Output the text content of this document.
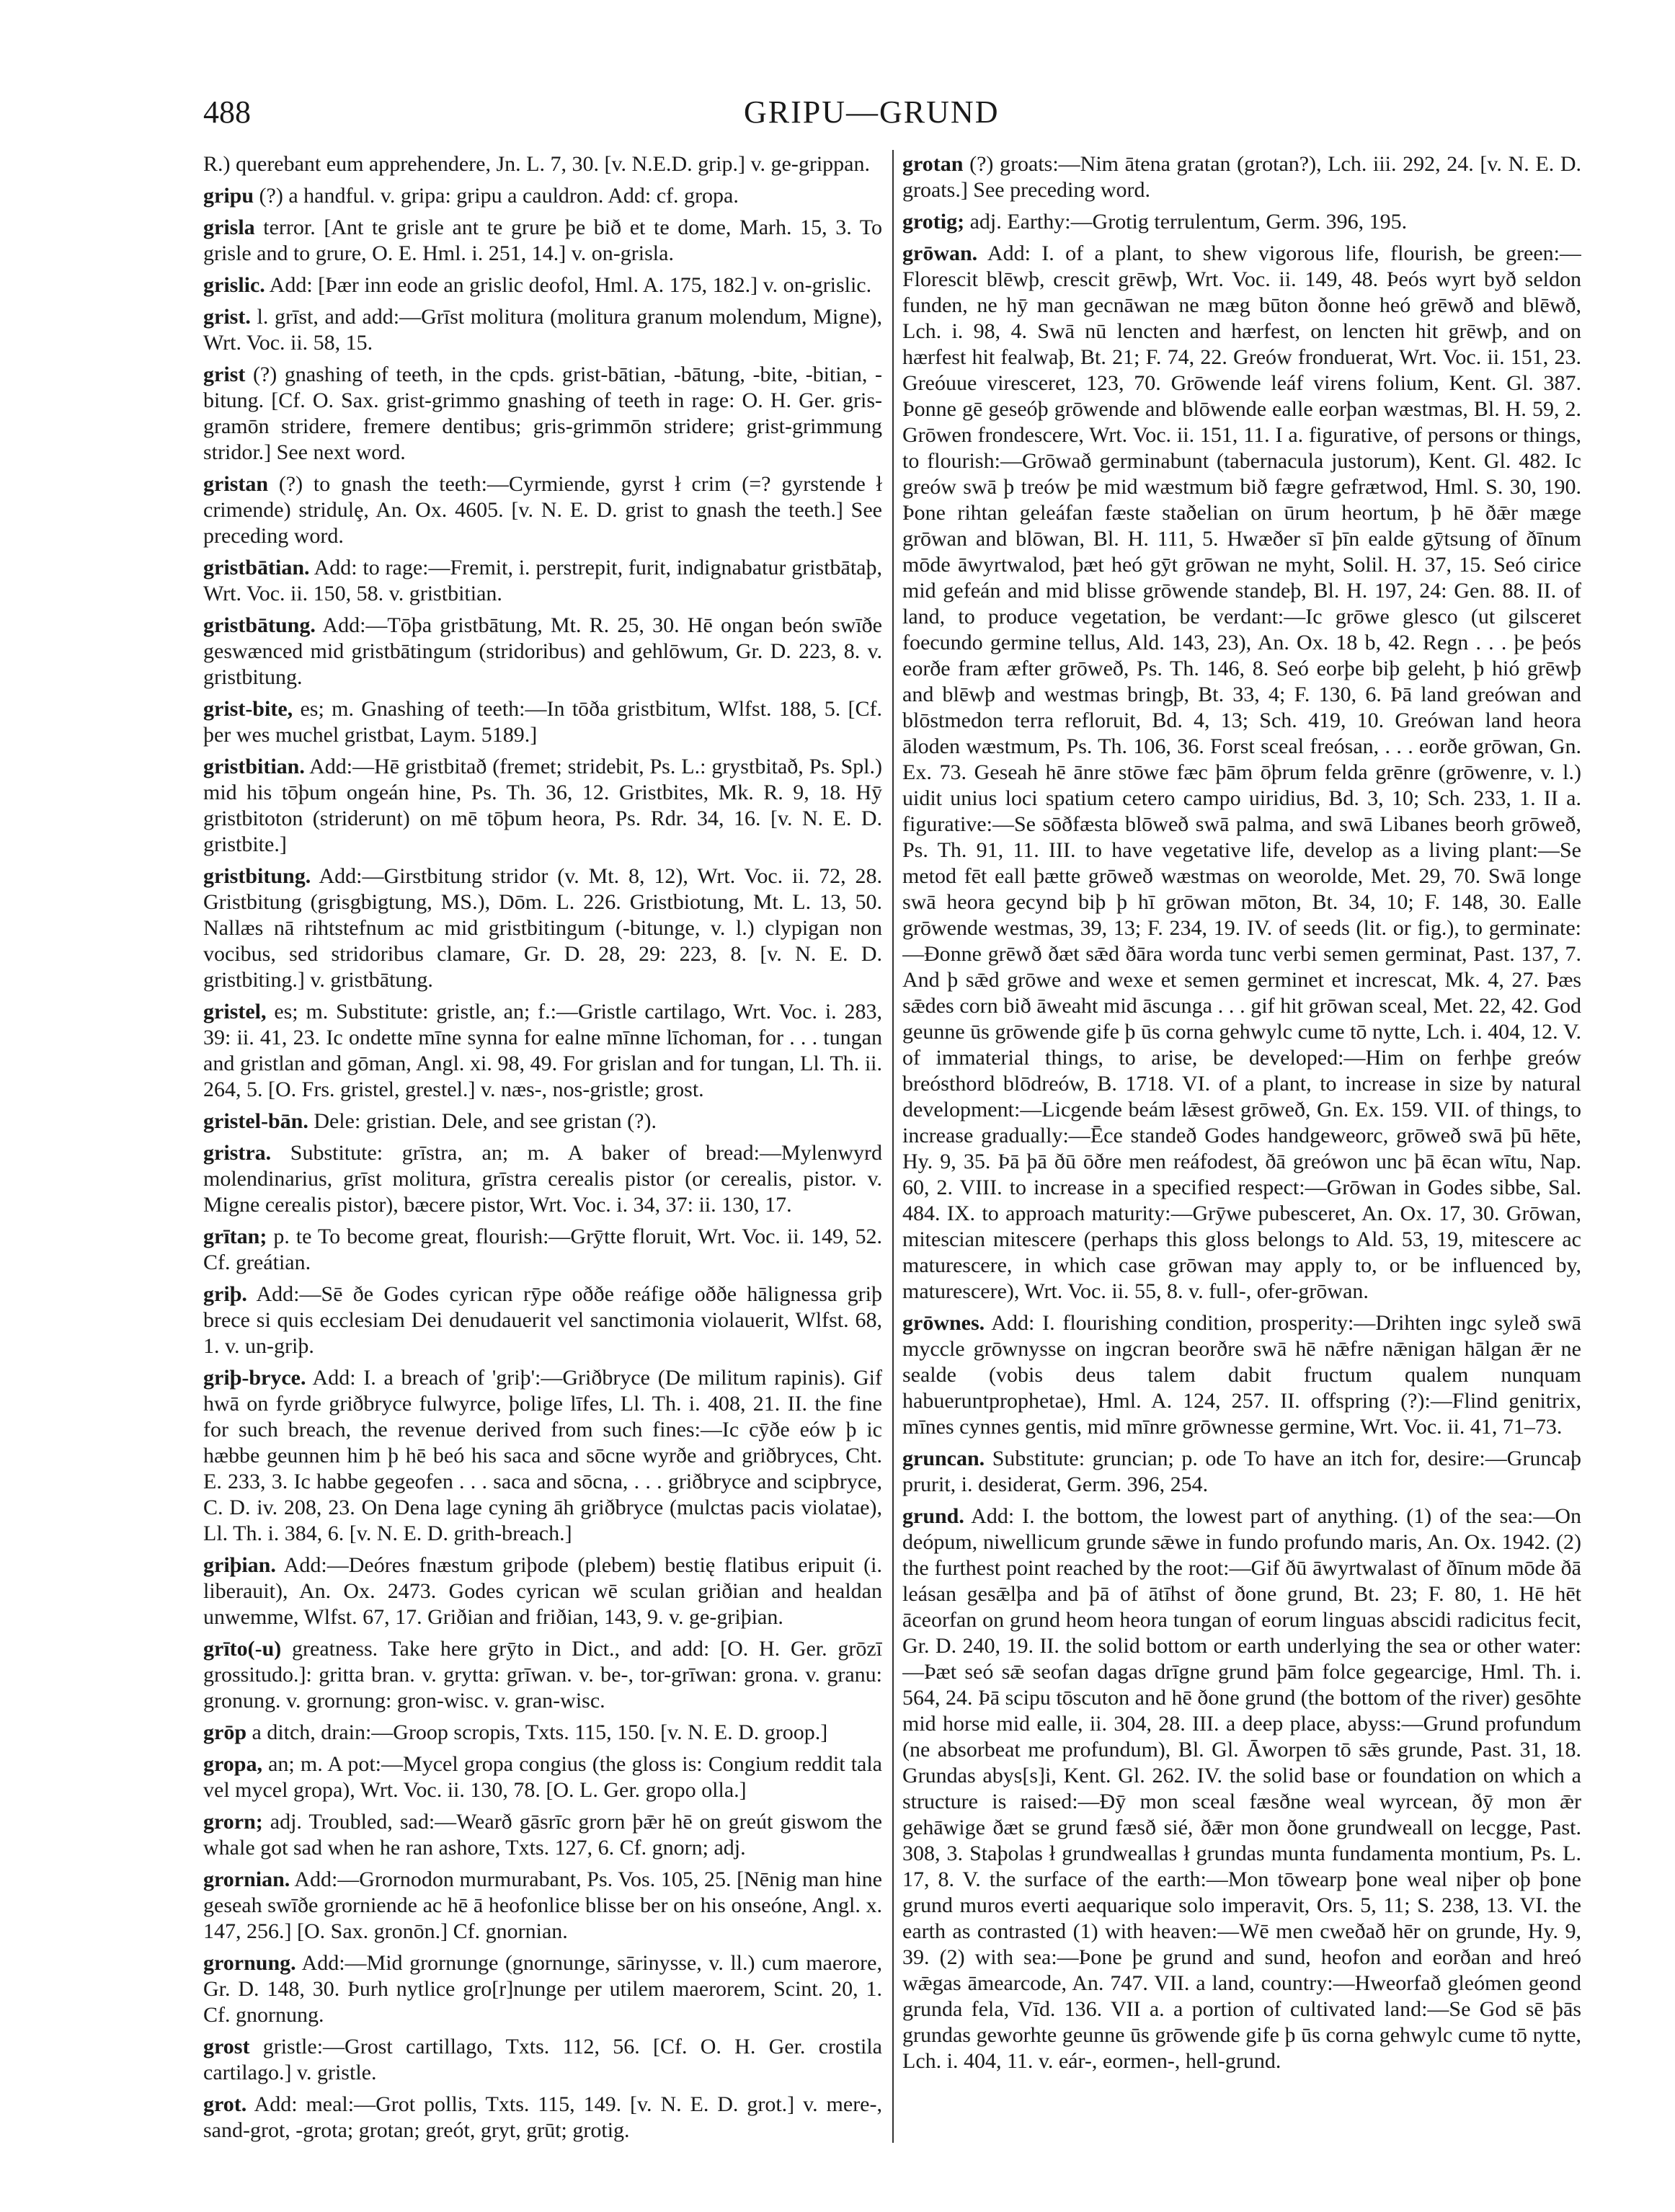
488	GRIPU—GRUND

R.) querebant eum apprehendere, Jn. L. 7, 30. [v. N.E.D. grip.] v. ge-grippan.

gripu (?) a handful. v. gripa: gripu a cauldron. Add: cf. gropa.

grisla terror. [Ant te grisle ant te grure þe bið et te dome, Marh. 15, 3. To grisle and to grure, O. E. Hml. i. 251, 14.] v. on-grisla.

grislic. Add: [Þær inn eode an grislic deofol, Hml. A. 175, 182.] v. on-grislic.

grist. l. grīst, and add:—Grīst molitura (molitura granum molendum, Migne), Wrt. Voc. ii. 58, 15.

grist (?) gnashing of teeth, in the cpds. grist-bātian, -bātung, -bite, -bitian, -bitung. [Cf. O. Sax. grist-grimmo gnashing of teeth in rage: O. H. Ger. gris-gramōn stridere, fremere dentibus; gris-grimmōn stridere; grist-grimmung stridor.] See next word.

gristan (?) to gnash the teeth:—Cyrmiende, gyrst ł crim (=? gyrstende ł crimende) stridulȩ, An. Ox. 4605. [v. N. E. D. grist to gnash the teeth.] See preceding word.

gristbātian. Add: to rage:—Fremit, i. perstrepit, furit, indignabatur gristbātaþ, Wrt. Voc. ii. 150, 58. v. gristbitian.

gristbātung. Add:—Tōþa gristbātung, Mt. R. 25, 30. Hē ongan beón swīðe geswænced mid gristbātingum (stridoribus) and gehlōwum, Gr. D. 223, 8. v. gristbitung.

grist-bite, es; m. Gnashing of teeth:—In tōða gristbitum, Wlfst. 188, 5. [Cf. þer wes muchel gristbat, Laym. 5189.]

gristbitian. Add:—Hē gristbitað (fremet; stridebit, Ps. L.: grystbitað, Ps. Spl.) mid his tōþum ongeán hine, Ps. Th. 36, 12. Gristbites, Mk. R. 9, 18. Hȳ gristbitoton (striderunt) on mē tōþum heora, Ps. Rdr. 34, 16. [v. N. E. D. gristbite.]

gristbitung. Add:—Girstbitung stridor (v. Mt. 8, 12), Wrt. Voc. ii. 72, 28. Gristbitung (grisgbigtung, MS.), Dōm. L. 226. Gristbiotung, Mt. L. 13, 50. Nallæs nā rihtstefnum ac mid gristbitingum (-bitunge, v. l.) clypigan non vocibus, sed stridoribus clamare, Gr. D. 28, 29: 223, 8. [v. N. E. D. gristbiting.] v. gristbātung.

gristel, es; m. Substitute: gristle, an; f.:—Gristle cartilago, Wrt. Voc. i. 283, 39: ii. 41, 23. Ic ondette mīne synna for ealne mīnne līchoman, for . . . tungan and gristlan and gōman, Angl. xi. 98, 49. For grislan and for tungan, Ll. Th. ii. 264, 5. [O. Frs. gristel, grestel.] v. næs-, nos-gristle; grost.

gristel-bān. Dele: gristian. Dele, and see gristan (?).

gristra. Substitute: grīstra, an; m. A baker of bread:—Mylenwyrd molendinarius, grīst molitura, grīstra cerealis pistor (or cerealis, pistor. v. Migne cerealis pistor), bæcere pistor, Wrt. Voc. i. 34, 37: ii. 130, 17.

grītan; p. te To become great, flourish:—Grȳtte floruit, Wrt. Voc. ii. 149, 52. Cf. greátian.

griþ. Add:—Sē ðe Godes cyrican rȳpe oððe reáfige oððe hālignessa griþ brece si quis ecclesiam Dei denudauerit vel sanctimonia violauerit, Wlfst. 68, 1. v. un-griþ.

griþ-bryce. Add: I. a breach of 'griþ':—Griðbryce (De militum rapinis). Gif hwā on fyrde griðbryce fulwyrce, þolige līfes, Ll. Th. i. 408, 21. II. the fine for such breach, the revenue derived from such fines:—Ic cȳðe eów þ ic hæbbe geunnen him þ hē beó his saca and sōcne wyrðe and griðbryces, Cht. E. 233, 3. Ic habbe gegeofen . . . saca and sōcna, . . . griðbryce and scipbryce, C. D. iv. 208, 23. On Dena lage cyning āh griðbryce (mulctas pacis violatae), Ll. Th. i. 384, 6. [v. N. E. D. grith-breach.]

griþian. Add:—Deóres fnæstum griþode (plebem) bestię flatibus eripuit (i. liberauit), An. Ox. 2473. Godes cyrican wē sculan griðian and healdan unwemme, Wlfst. 67, 17. Griðian and friðian, 143, 9. v. ge-griþian.

grīto(-u) greatness. Take here grȳto in Dict., and add: [O. H. Ger. grōzī grossitudo.]: gritta bran. v. grytta: grīwan. v. be-, tor-grīwan: grona. v. granu: gronung. v. grornung: gron-wisc. v. gran-wisc.

grōp a ditch, drain:—Groop scropis, Txts. 115, 150. [v. N. E. D. groop.]

gropa, an; m. A pot:—Mycel gropa congius (the gloss is: Congium reddit tala vel mycel gropa), Wrt. Voc. ii. 130, 78. [O. L. Ger. gropo olla.]

grorn; adj. Troubled, sad:—Wearð gāsrīc grorn þǣr hē on greút giswom the whale got sad when he ran ashore, Txts. 127, 6. Cf. gnorn; adj.

grornian. Add:—Grornodon murmurabant, Ps. Vos. 105, 25. [Nēnig man hine geseah swīðe grorniende ac hē ā heofonlice blisse ber on his onseóne, Angl. x. 147, 256.] [O. Sax. gronōn.] Cf. gnornian.

grornung. Add:—Mid grornunge (gnornunge, sārinysse, v. ll.) cum maerore, Gr. D. 148, 30. Þurh nytlice gro[r]nunge per utilem maerorem, Scint. 20, 1. Cf. gnornung.

grost gristle:—Grost cartillago, Txts. 112, 56. [Cf. O. H. Ger. crostila cartilago.] v. gristle.

grot. Add: meal:—Grot pollis, Txts. 115, 149. [v. N. E. D. grot.] v. mere-, sand-grot, -grota; grotan; greót, gryt, grūt; grotig.

grotan (?) groats:—Nim ātena gratan (grotan?), Lch. iii. 292, 24. [v. N. E. D. groats.] See preceding word.

grotig; adj. Earthy:—Grotig terrulentum, Germ. 396, 195.

grōwan. Add: I. of a plant, to shew vigorous life, flourish, be green:—Florescit blēwþ, crescit grēwþ, Wrt. Voc. ii. 149, 48. Þeós wyrt byð seldon funden, ne hȳ man gecnāwan ne mæg būton ðonne heó grēwð and blēwð, Lch. i. 98, 4. Swā nū lencten and hærfest, on lencten hit grēwþ, and on hærfest hit fealwaþ, Bt. 21; F. 74, 22. Greów fronduerat, Wrt. Voc. ii. 151, 23. Greóuue viresceret, 123, 70. Grōwende leáf virens folium, Kent. Gl. 387. Þonne gē geseóþ grōwende and blōwende ealle eorþan wæstmas, Bl. H. 59, 2. Grōwen frondescere, Wrt. Voc. ii. 151, 11. I a. figurative, of persons or things, to flourish:—Grōwað germinabunt (tabernacula justorum), Kent. Gl. 482. Ic greów swā þ treów þe mid wæstmum bið fægre gefrætwod, Hml. S. 30, 190. Þone rihtan geleáfan fæste staðelian on ūrum heortum, þ hē ðǣr mæge grōwan and blōwan, Bl. H. 111, 5. Hwæðer sī þīn ealde gȳtsung of ðīnum mōde āwyrtwalod, þæt heó gȳt grōwan ne myht, Solil. H. 37, 15. Seó cirice mid gefeán and mid blisse grōwende standeþ, Bl. H. 197, 24: Gen. 88. II. of land, to produce vegetation, be verdant:—Ic grōwe glesco (ut gilsceret foecundo germine tellus, Ald. 143, 23), An. Ox. 18 b, 42. Regn . . . þe þeós eorðe fram æfter grōweð, Ps. Th. 146, 8. Seó eorþe biþ geleht, þ hió grēwþ and blēwþ and westmas bringþ, Bt. 33, 4; F. 130, 6. Þā land greówan and blōstmedon terra refloruit, Bd. 4, 13; Sch. 419, 10. Greówan land heora āloden wæstmum, Ps. Th. 106, 36. Forst sceal freósan, . . . eorðe grōwan, Gn. Ex. 73. Geseah hē ānre stōwe fæc þām ōþrum felda grēnre (grōwenre, v. l.) uidit unius loci spatium cetero campo uiridius, Bd. 3, 10; Sch. 233, 1. II a. figurative:—Se sōðfæsta blōweð swā palma, and swā Libanes beorh grōweð, Ps. Th. 91, 11. III. to have vegetative life, develop as a living plant:—Se metod fēt eall þætte grōweð wæstmas on weorolde, Met. 29, 70. Swā longe swā heora gecynd biþ þ hī grōwan mōton, Bt. 34, 10; F. 148, 30. Ealle grōwende westmas, 39, 13; F. 234, 19. IV. of seeds (lit. or fig.), to germinate:—Ðonne grēwð ðæt sǣd ðāra worda tunc verbi semen germinat, Past. 137, 7. And þ sǣd grōwe and wexe et semen germinet et increscat, Mk. 4, 27. Þæs sǣdes corn bið āweaht mid āscunga . . . gif hit grōwan sceal, Met. 22, 42. God geunne ūs grōwende gife þ ūs corna gehwylc cume tō nytte, Lch. i. 404, 12. V. of immaterial things, to arise, be developed:—Him on ferhþe greów breósthord blōdreów, B. 1718. VI. of a plant, to increase in size by natural development:—Licgende beám lǣsest grōweð, Gn. Ex. 159. VII. of things, to increase gradually:—Ēce standeð Godes handgeweorc, grōweð swā þū hēte, Hy. 9, 35. Þā þā ðū ōðre men reáfodest, ðā greówon unc þā ēcan wītu, Nap. 60, 2. VIII. to increase in a specified respect:—Grōwan in Godes sibbe, Sal. 484. IX. to approach maturity:—Grȳwe pubesceret, An. Ox. 17, 30. Grōwan, mitescian mitescere (perhaps this gloss belongs to Ald. 53, 19, mitescere ac maturescere, in which case grōwan may apply to, or be influenced by, maturescere), Wrt. Voc. ii. 55, 8. v. full-, ofer-grōwan.

grōwnes. Add: I. flourishing condition, prosperity:—Drihten ingc syleð swā myccle grōwnysse on ingcran beorðre swā hē nǣfre nǣnigan hālgan ǣr ne sealde (vobis deus talem dabit fructum qualem nunquam habueruntprophetae), Hml. A. 124, 257. II. offspring (?):—Flind genitrix, mīnes cynnes gentis, mid mīnre grōwnesse germine, Wrt. Voc. ii. 41, 71–73.

gruncan. Substitute: gruncian; p. ode To have an itch for, desire:—Gruncaþ prurit, i. desiderat, Germ. 396, 254.

grund. Add: I. the bottom, the lowest part of anything. (1) of the sea:—On deópum, niwellicum grunde sǣwe in fundo profundo maris, An. Ox. 1942. (2) the furthest point reached by the root:—Gif ðū āwyrtwalast of ðīnum mōde ðā leásan gesǣlþa and þā of ātīhst of ðone grund, Bt. 23; F. 80, 1. Hē hēt āceorfan on grund heom heora tungan of eorum linguas abscidi radicitus fecit, Gr. D. 240, 19. II. the solid bottom or earth underlying the sea or other water:—Þæt seó sǣ seofan dagas drīgne grund þām folce gegearcige, Hml. Th. i. 564, 24. Þā scipu tōscuton and hē ðone grund (the bottom of the river) gesōhte mid horse mid ealle, ii. 304, 28. III. a deep place, abyss:—Grund profundum (ne absorbeat me profundum), Bl. Gl. Āworpen tō sǣs grunde, Past. 31, 18. Grundas abys[s]i, Kent. Gl. 262. IV. the solid base or foundation on which a structure is raised:—Ðȳ mon sceal fæsðne weal wyrcean, ðȳ mon ǣr gehāwige ðæt se grund fæsð sié, ðǣr mon ðone grundweall on lecgge, Past. 308, 3. Staþolas ł grundweallas ł grundas munta fundamenta montium, Ps. L. 17, 8. V. the surface of the earth:—Mon tōwearp þone weal niþer oþ þone grund muros everti aequarique solo imperavit, Ors. 5, 11; S. 238, 13. VI. the earth as contrasted (1) with heaven:—Wē men cweðað hēr on grunde, Hy. 9, 39. (2) with sea:—Þone þe grund and sund, heofon and eorðan and hreó wǣgas āmearcode, An. 747. VII. a land, country:—Hweorfað gleómen geond grunda fela, Vīd. 136. VII a. a portion of cultivated land:—Se God sē þās grundas geworhte geunne ūs grōwende gife þ ūs corna gehwylc cume tō nytte, Lch. i. 404, 11. v. eár-, eormen-, hell-grund.
